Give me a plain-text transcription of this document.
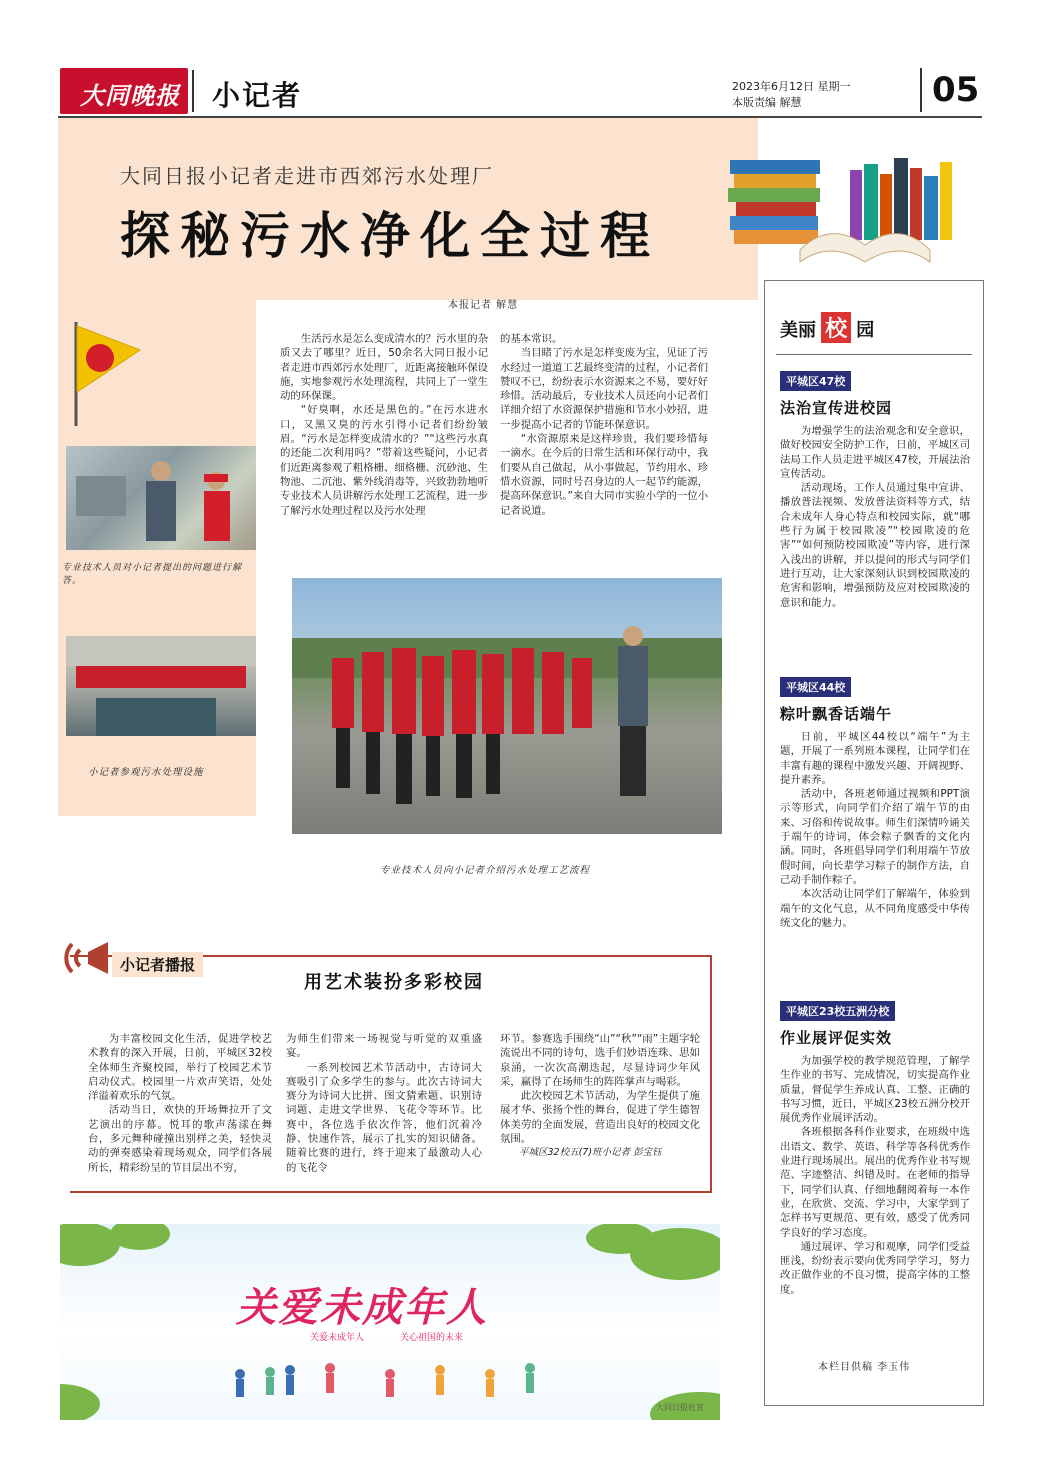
大同晚报 小记者	2023年6月12日 星期一
本版责编 解慧	05
大同日报小记者走进市西郊污水处理厂
探秘污水净化全过程
本报记者 解慧
专业技术人员对小记者提出的问题进行解答。
小记者参观污水处理设施

生活污水是怎么变成清水的？污水里的杂质又去了哪里？近日，50余名大同日报小记者走进市西郊污水处理厂，近距离接触环保设施，实地参观污水处理流程，共同上了一堂生动的环保课。

“好臭啊，水还是黑色的。”在污水进水口，又黑又臭的污水引得小记者们纷纷皱眉。“污水是怎样变成清水的？”“这些污水真的还能二次利用吗？”带着这些疑问，小记者们近距离参观了粗格栅、细格栅、沉砂池、生物池、二沉池、紫外线消毒等，兴致勃勃地听专业技术人员讲解污水处理工艺流程，进一步了解污水处理过程以及污水处理

的基本常识。

当目睹了污水是怎样变废为宝，见证了污水经过一道道工艺最终变清的过程，小记者们赞叹不已，纷纷表示水资源来之不易，要好好珍惜。活动最后，专业技术人员还向小记者们详细介绍了水资源保护措施和节水小妙招，进一步提高小记者的节能环保意识。

“水资源原来是这样珍贵，我们要珍惜每一滴水。在今后的日常生活和环保行动中，我们要从自己做起，从小事做起，节约用水、珍惜水资源，同时号召身边的人一起节约能源，提高环保意识。”来自大同市实验小学的一位小记者说道。

专业技术人员向小记者介绍污水处理工艺流程
小记者播报
用艺术装扮多彩校园

为丰富校园文化生活，促进学校艺术教育的深入开展，日前，平城区32校全体师生齐聚校园，举行了校园艺术节启动仪式。校园里一片欢声笑语，处处洋溢着欢乐的气氛。

活动当日，欢快的开场舞拉开了文艺演出的序幕。悦耳的歌声荡漾在舞台，多元舞种碰撞出别样之美，轻快灵动的弹奏感染着现场观众，同学们各展所长，精彩纷呈的节目层出不穷，

为师生们带来一场视觉与听觉的双重盛宴。

一系列校园艺术节活动中，古诗词大赛吸引了众多学生的参与。此次古诗词大赛分为诗词大比拼、图文猜索题、识别诗词题、走进文学世界、飞花令等环节。比赛中，各位选手依次作答，他们沉着冷静、快速作答，展示了扎实的知识储备。随着比赛的进行，终于迎来了最激动人心的飞花令

环节。参赛选手围绕“山”“秋”“雨”主题字轮流说出不同的诗句，选手们妙语连珠、思如泉涌，一次次高潮迭起，尽显诗词少年风采，赢得了在场师生的阵阵掌声与喝彩。

此次校园艺术节活动，为学生提供了施展才华、张扬个性的舞台，促进了学生德智体美劳的全面发展，营造出良好的校园文化氛围。

平城区32校五(7)班小记者 彭宝钰

关爱未成年人
关爱未成年人	关心祖国的未来
大同日报社宣
美丽 校 园
平城区47校
法治宣传进校园

为增强学生的法治观念和安全意识，做好校园安全防护工作，日前，平城区司法局工作人员走进平城区47校，开展法治宣传活动。

活动现场，工作人员通过集中宣讲、播放普法视频、发放普法资料等方式，结合未成年人身心特点和校园实际，就“哪些行为属于校园欺凌”“校园欺凌的危害”“如何预防校园欺凌”等内容，进行深入浅出的讲解，并以提问的形式与同学们进行互动，让大家深刻认识到校园欺凌的危害和影响，增强预防及应对校园欺凌的意识和能力。

平城区44校
粽叶飘香话端午

日前，平城区44校以“端午”为主题，开展了一系列班本课程，让同学们在丰富有趣的课程中激发兴趣、开阔视野、提升素养。

活动中，各班老师通过视频和PPT演示等形式，向同学们介绍了端午节的由来、习俗和传说故事。师生们深情吟诵关于端午的诗词，体会粽子飘香的文化内涵。同时，各班倡导同学们利用端午节放假时间，向长辈学习粽子的制作方法，自己动手制作粽子。

本次活动让同学们了解端午，体验到端午的文化气息，从不同角度感受中华传统文化的魅力。

平城区23校五洲分校
作业展评促实效

为加强学校的教学规范管理，了解学生作业的书写、完成情况，切实提高作业质量，督促学生养成认真、工整、正确的书写习惯，近日，平城区23校五洲分校开展优秀作业展评活动。

各班根据各科作业要求，在班级中选出语文、数学、英语、科学等各科优秀作业进行现场展出。展出的优秀作业书写规范、字迹整洁、纠错及时。在老师的指导下，同学们认真、仔细地翻阅着每一本作业，在欣赏、交流、学习中，大家学到了怎样书写更规范、更有效，感受了优秀同学良好的学习态度。

通过展评、学习和观摩，同学们受益匪浅，纷纷表示要向优秀同学学习，努力改正做作业的不良习惯，提高字体的工整度。

本栏目供稿 李玉伟
